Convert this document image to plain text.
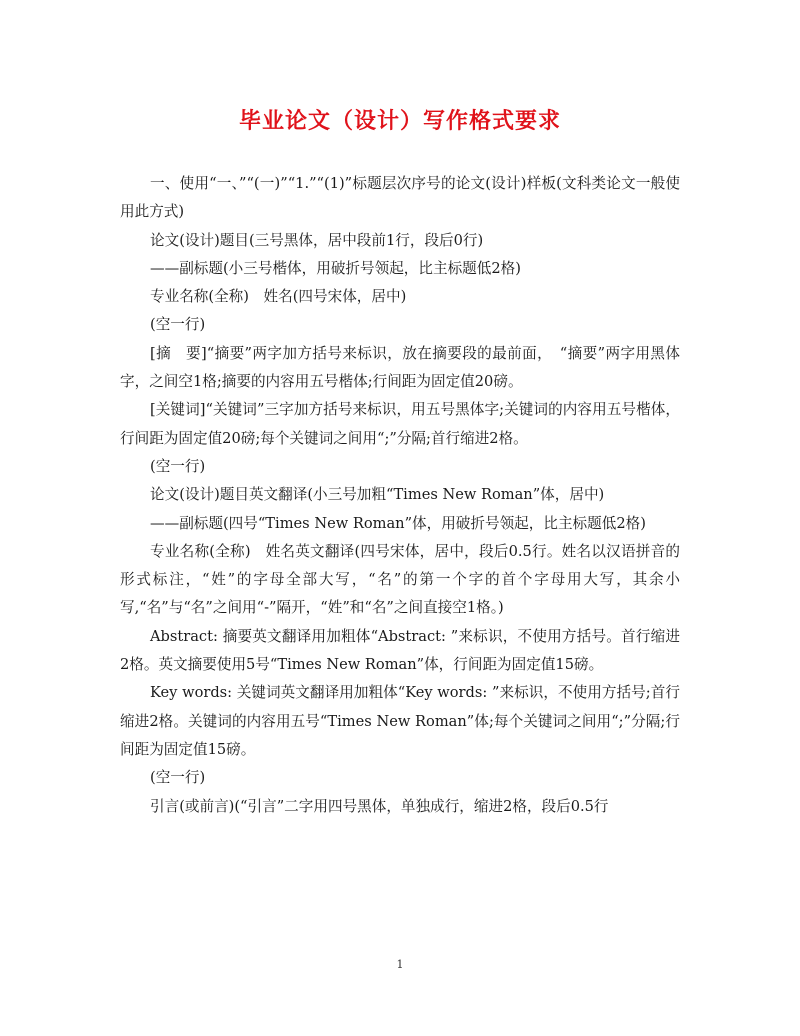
毕业论文（设计）写作格式要求

一、使用“一、”“(一)”“1.”“(1)”标题层次序号的论文(设计)样板(文科类论文一般使用此方式)

论文(设计)题目(三号黑体，居中段前1行，段后0行)

——副标题(小三号楷体，用破折号领起，比主标题低2格)

专业名称(全称)　姓名(四号宋体，居中)

(空一行)

[摘　要]“摘要”两字加方括号来标识，放在摘要段的最前面，　“摘要”两字用黑体字，之间空1格;摘要的内容用五号楷体;行间距为固定值20磅。

[关键词]“关键词”三字加方括号来标识，用五号黑体字;关键词的内容用五号楷体，行间距为固定值20磅;每个关键词之间用“;”分隔;首行缩进2格。

(空一行)

论文(设计)题目英文翻译(小三号加粗“Times New Roman”体，居中)

——副标题(四号“Times New Roman”体，用破折号领起，比主标题低2格)

专业名称(全称)　姓名英文翻译(四号宋体，居中，段后0.5行。姓名以汉语拼音的形式标注，“姓”的字母全部大写，“名”的第一个字的首个字母用大写，其余小写,“名”与“名”之间用“-”隔开，“姓”和“名”之间直接空1格。)

Abstract: 摘要英文翻译用加粗体“Abstract: ”来标识，不使用方括号。首行缩进2格。英文摘要使用5号“Times New Roman”体，行间距为固定值15磅。

Key words: 关键词英文翻译用加粗体“Key words: ”来标识，不使用方括号;首行缩进2格。关键词的内容用五号“Times New Roman”体;每个关键词之间用“;”分隔;行间距为固定值15磅。

(空一行)

引言(或前言)(“引言”二字用四号黑体，单独成行，缩进2格，段后0.5行

1
